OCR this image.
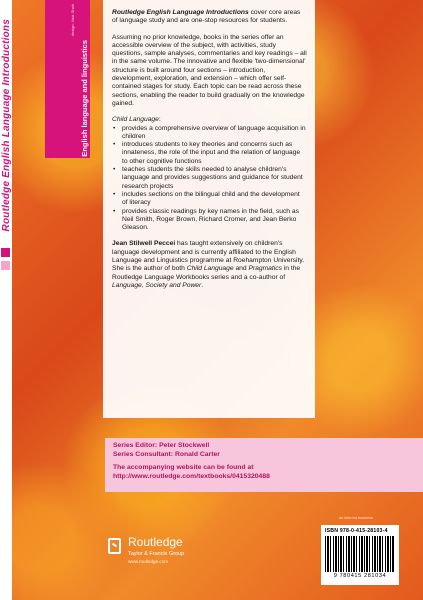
Routledge English Language Introductions	design: Nick Shah
English language and linguistics

Routledge English Language Introductions cover core areas of language study and are one-stop resources for students.

Assuming no prior knowledge, books in the series offer an accessible overview of the subject, with activities, study questions, sample analyses, commentaries and key readings – all in the same volume. The innovative and flexible 'two-dimensional' structure is built around four sections – introduction, development, exploration, and extension – which offer self-contained stages for study. Each topic can be read across these sections, enabling the reader to build gradually on the knowledge gained.

Child Language:

• provides a comprehensive overview of language acquisition in children
• introduces students to key theories and concerns such as innateness, the role of the input and the relation of language to other cognitive functions
• teaches students the skills needed to analyse children's language and provides suggestions and guidance for student research projects
• includes sections on the bilingual child and the development of literacy
• provides classic readings by key names in the field, such as Neil Smith, Roger Brown, Richard Cromer, and Jean Berko Gleason.

Jean Stilwell Peccei has taught extensively on children's language development and is currently affiliated to the English Language and Linguistics programme at Roehampton University. She is the author of both Child Language and Pragmatics in the Routledge Language Workbooks series and a co-author of Language, Society and Power.

Series Editor: Peter Stockwell
Series Consultant: Ronald Carter
The accompanying website can be found at
http://www.routledge.com/textbooks/0415320488
Routledge
Taylor & Francis Group
www.routledge.com
an informa business
ISBN 978-0-415-28103-4
9 780415 281034
